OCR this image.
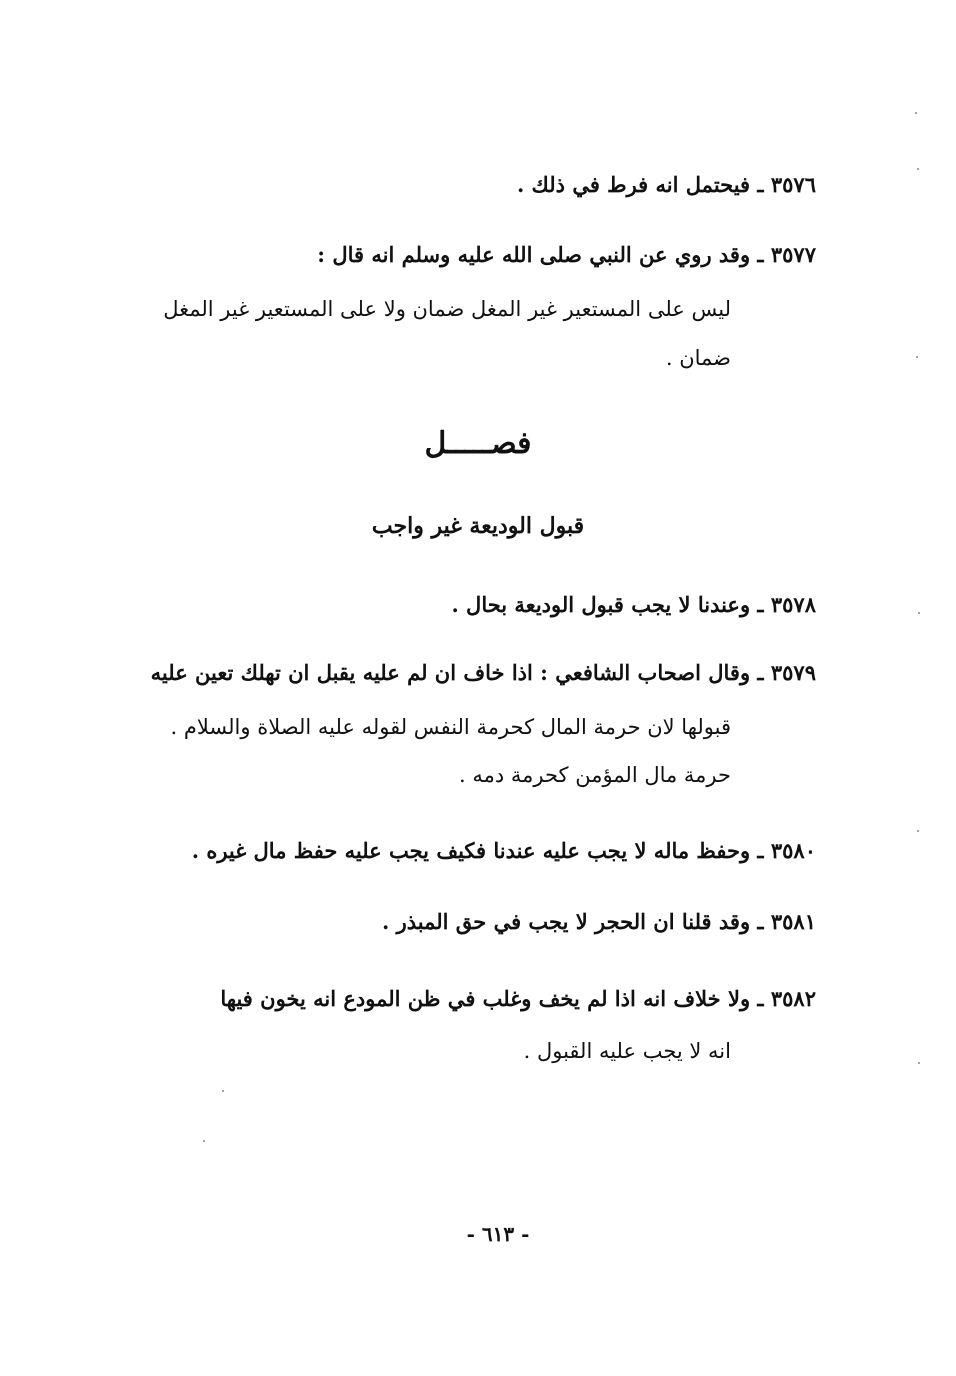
٣٥٧٦ ـ فيحتمل انه فرط في ذلك .
٣٥٧٧ ـ وقد روي عن النبي صلى الله عليه وسلم انه قال :
ليس على المستعير غير المغل ضمان ولا على المستعير غير المغل
ضمان .
فصـــــل
قبول الوديعة غير واجب
٣٥٧٨ ـ وعندنا لا يجب قبول الوديعة بحال .
٣٥٧٩ ـ وقال اصحاب الشافعي : اذا خاف ان لم عليه يقبل ان تهلك تعين عليه
قبولها لان حرمة المال كحرمة النفس لقوله عليه الصلاة والسلام .
حرمة مال المؤمن كحرمة دمه .
٣٥٨٠ ـ وحفظ ماله لا يجب عليه عندنا فكيف يجب عليه حفظ مال غيره .
٣٥٨١ ـ وقد قلنا ان الحجر لا يجب في حق المبذر .
٣٥٨٢ ـ ولا خلاف انه اذا لم يخف وغلب في ظن المودع انه يخون فيها
انه لا يجب عليه القبول .
- ٦١٣ -
